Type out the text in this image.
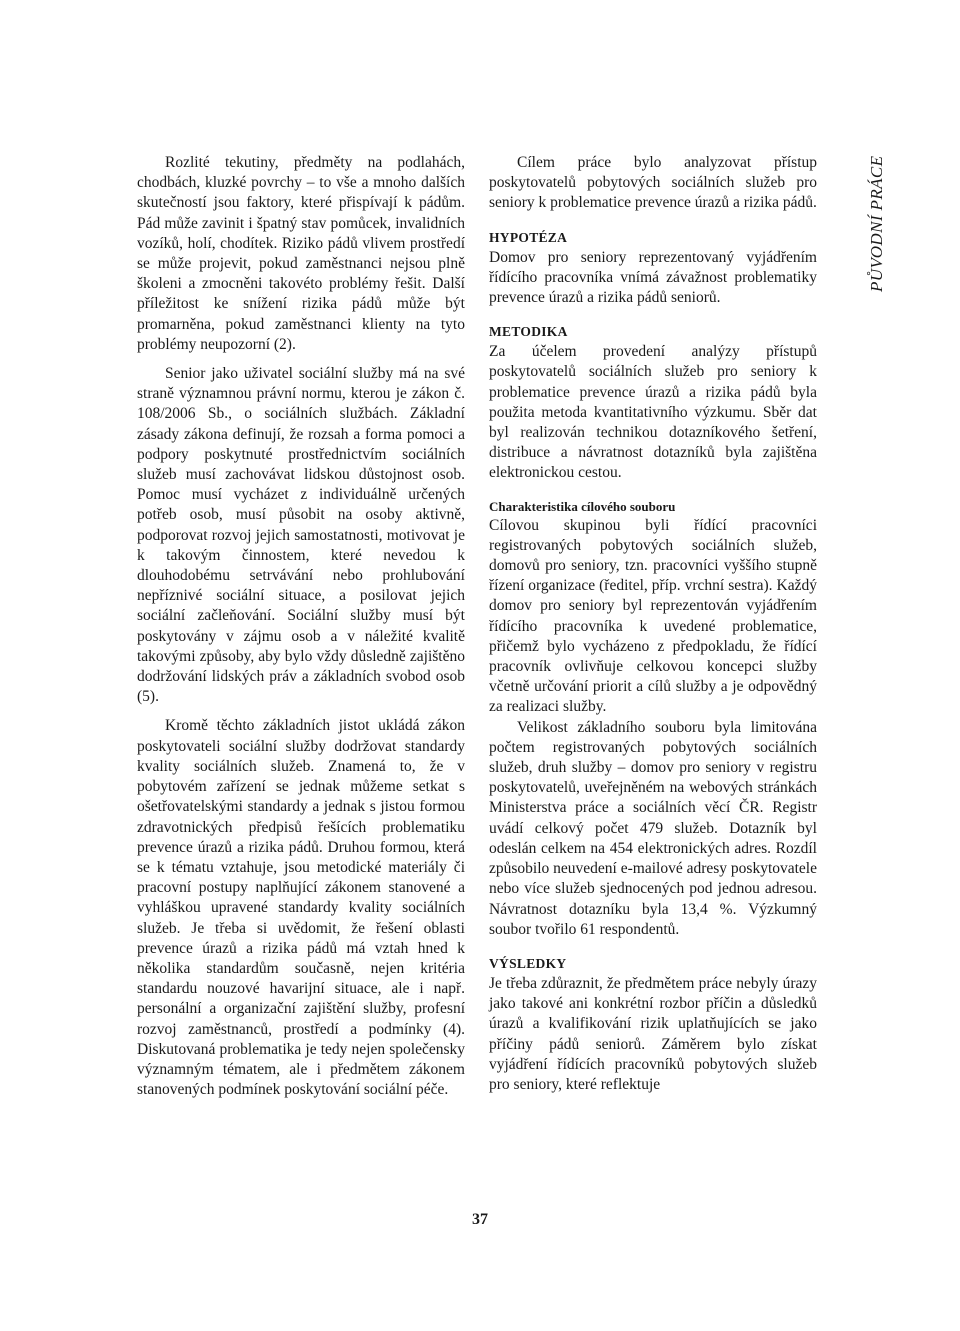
Rozlité tekutiny, předměty na podlahách, chodbách, kluzké povrchy – to vše a mnoho dalších skutečností jsou faktory, které přispívají k pádům. Pád může zavinit i špatný stav pomůcek, invalidních vozíků, holí, chodítek. Riziko pádů vlivem prostředí se může projevit, pokud zaměstnanci nejsou plně školeni a zmocněni takovéto problémy řešit. Další příležitost ke snížení rizika pádů může být promarněna, pokud zaměstnanci klienty na tyto problémy neupozorní (2).

Senior jako uživatel sociální služby má na své straně významnou právní normu, kterou je zákon č. 108/2006 Sb., o sociálních službách. Základní zásady zákona definují, že rozsah a forma pomoci a podpory poskytnuté prostřednictvím sociálních služeb musí zachovávat lidskou důstojnost osob. Pomoc musí vycházet z individuálně určených potřeb osob, musí působit na osoby aktivně, podporovat rozvoj jejich samostatnosti, motivovat je k takovým činnostem, které nevedou k dlouhodobému setrvávání nebo prohlubování nepříznivé sociální situace, a posilovat jejich sociální začleňování. Sociální služby musí být poskytovány v zájmu osob a v náležité kvalitě takovými způsoby, aby bylo vždy důsledně zajištěno dodržování lidských práv a základních svobod osob (5).

Kromě těchto základních jistot ukládá zákon poskytovateli sociální služby dodržovat standardy kvality sociálních služeb. Znamená to, že v pobytovém zařízení se jednak můžeme setkat s ošetřovatelskými standardy a jednak s jistou formou zdravotnických předpisů řešících problematiku prevence úrazů a rizika pádů. Druhou formou, která se k tématu vztahuje, jsou metodické materiály či pracovní postupy naplňující zákonem stanovené a vyhláškou upravené standardy kvality sociálních služeb. Je třeba si uvědomit, že řešení oblasti prevence úrazů a rizika pádů má vztah hned k několika standardům současně, nejen kritéria standardu nouzové havarijní situace, ale i např. personální a organizační zajištění služby, profesní rozvoj zaměstnanců, prostředí a podmínky (4). Diskutovaná problematika je tedy nejen společensky významným tématem, ale i předmětem zákonem stanovených podmínek poskytování sociální péče.

Cílem práce bylo analyzovat přístup poskytovatelů pobytových sociálních služeb pro seniory k problematice prevence úrazů a rizika pádů.

HYPOTÉZA

Domov pro seniory reprezentovaný vyjádřením řídícího pracovníka vnímá závažnost problematiky prevence úrazů a rizika pádů seniorů.

METODIKA

Za účelem provedení analýzy přístupů poskytovatelů sociálních služeb pro seniory k problematice prevence úrazů a rizika pádů byla použita metoda kvantitativního výzkumu. Sběr dat byl realizován technikou dotazníkového šetření, distribuce a návratnost dotazníků byla zajištěna elektronickou cestou.

Charakteristika cílového souboru

Cílovou skupinou byli řídící pracovníci registrovaných pobytových sociálních služeb, domovů pro seniory, tzn. pracovníci vyššího stupně řízení organizace (ředitel, příp. vrchní sestra). Každý domov pro seniory byl reprezentován vyjádřením řídícího pracovníka k uvedené problematice, přičemž bylo vycházeno z předpokladu, že řídící pracovník ovlivňuje celkovou koncepci služby včetně určování priorit a cílů služby a je odpovědný za realizaci služby.

Velikost základního souboru byla limitována počtem registrovaných pobytových sociálních služeb, druh služby – domov pro seniory v registru poskytovatelů, uveřejněném na webových stránkách Ministerstva práce a sociálních věcí ČR. Registr uvádí celkový počet 479 služeb. Dotazník byl odeslán celkem na 454 elektronických adres. Rozdíl způsobilo neuvedení e-mailové adresy poskytovatele nebo více služeb sjednocených pod jednou adresou. Návratnost dotazníku byla 13,4 %. Výzkumný soubor tvořilo 61 respondentů.

VÝSLEDKY

Je třeba zdůraznit, že předmětem práce nebyly úrazy jako takové ani konkrétní rozbor příčin a důsledků úrazů a kvalifikování rizik uplatňujících se jako příčiny pádů seniorů. Záměrem bylo získat vyjádření řídících pracovníků pobytových služeb pro seniory, které reflektuje

PŮVODNÍ PRÁCE
37
